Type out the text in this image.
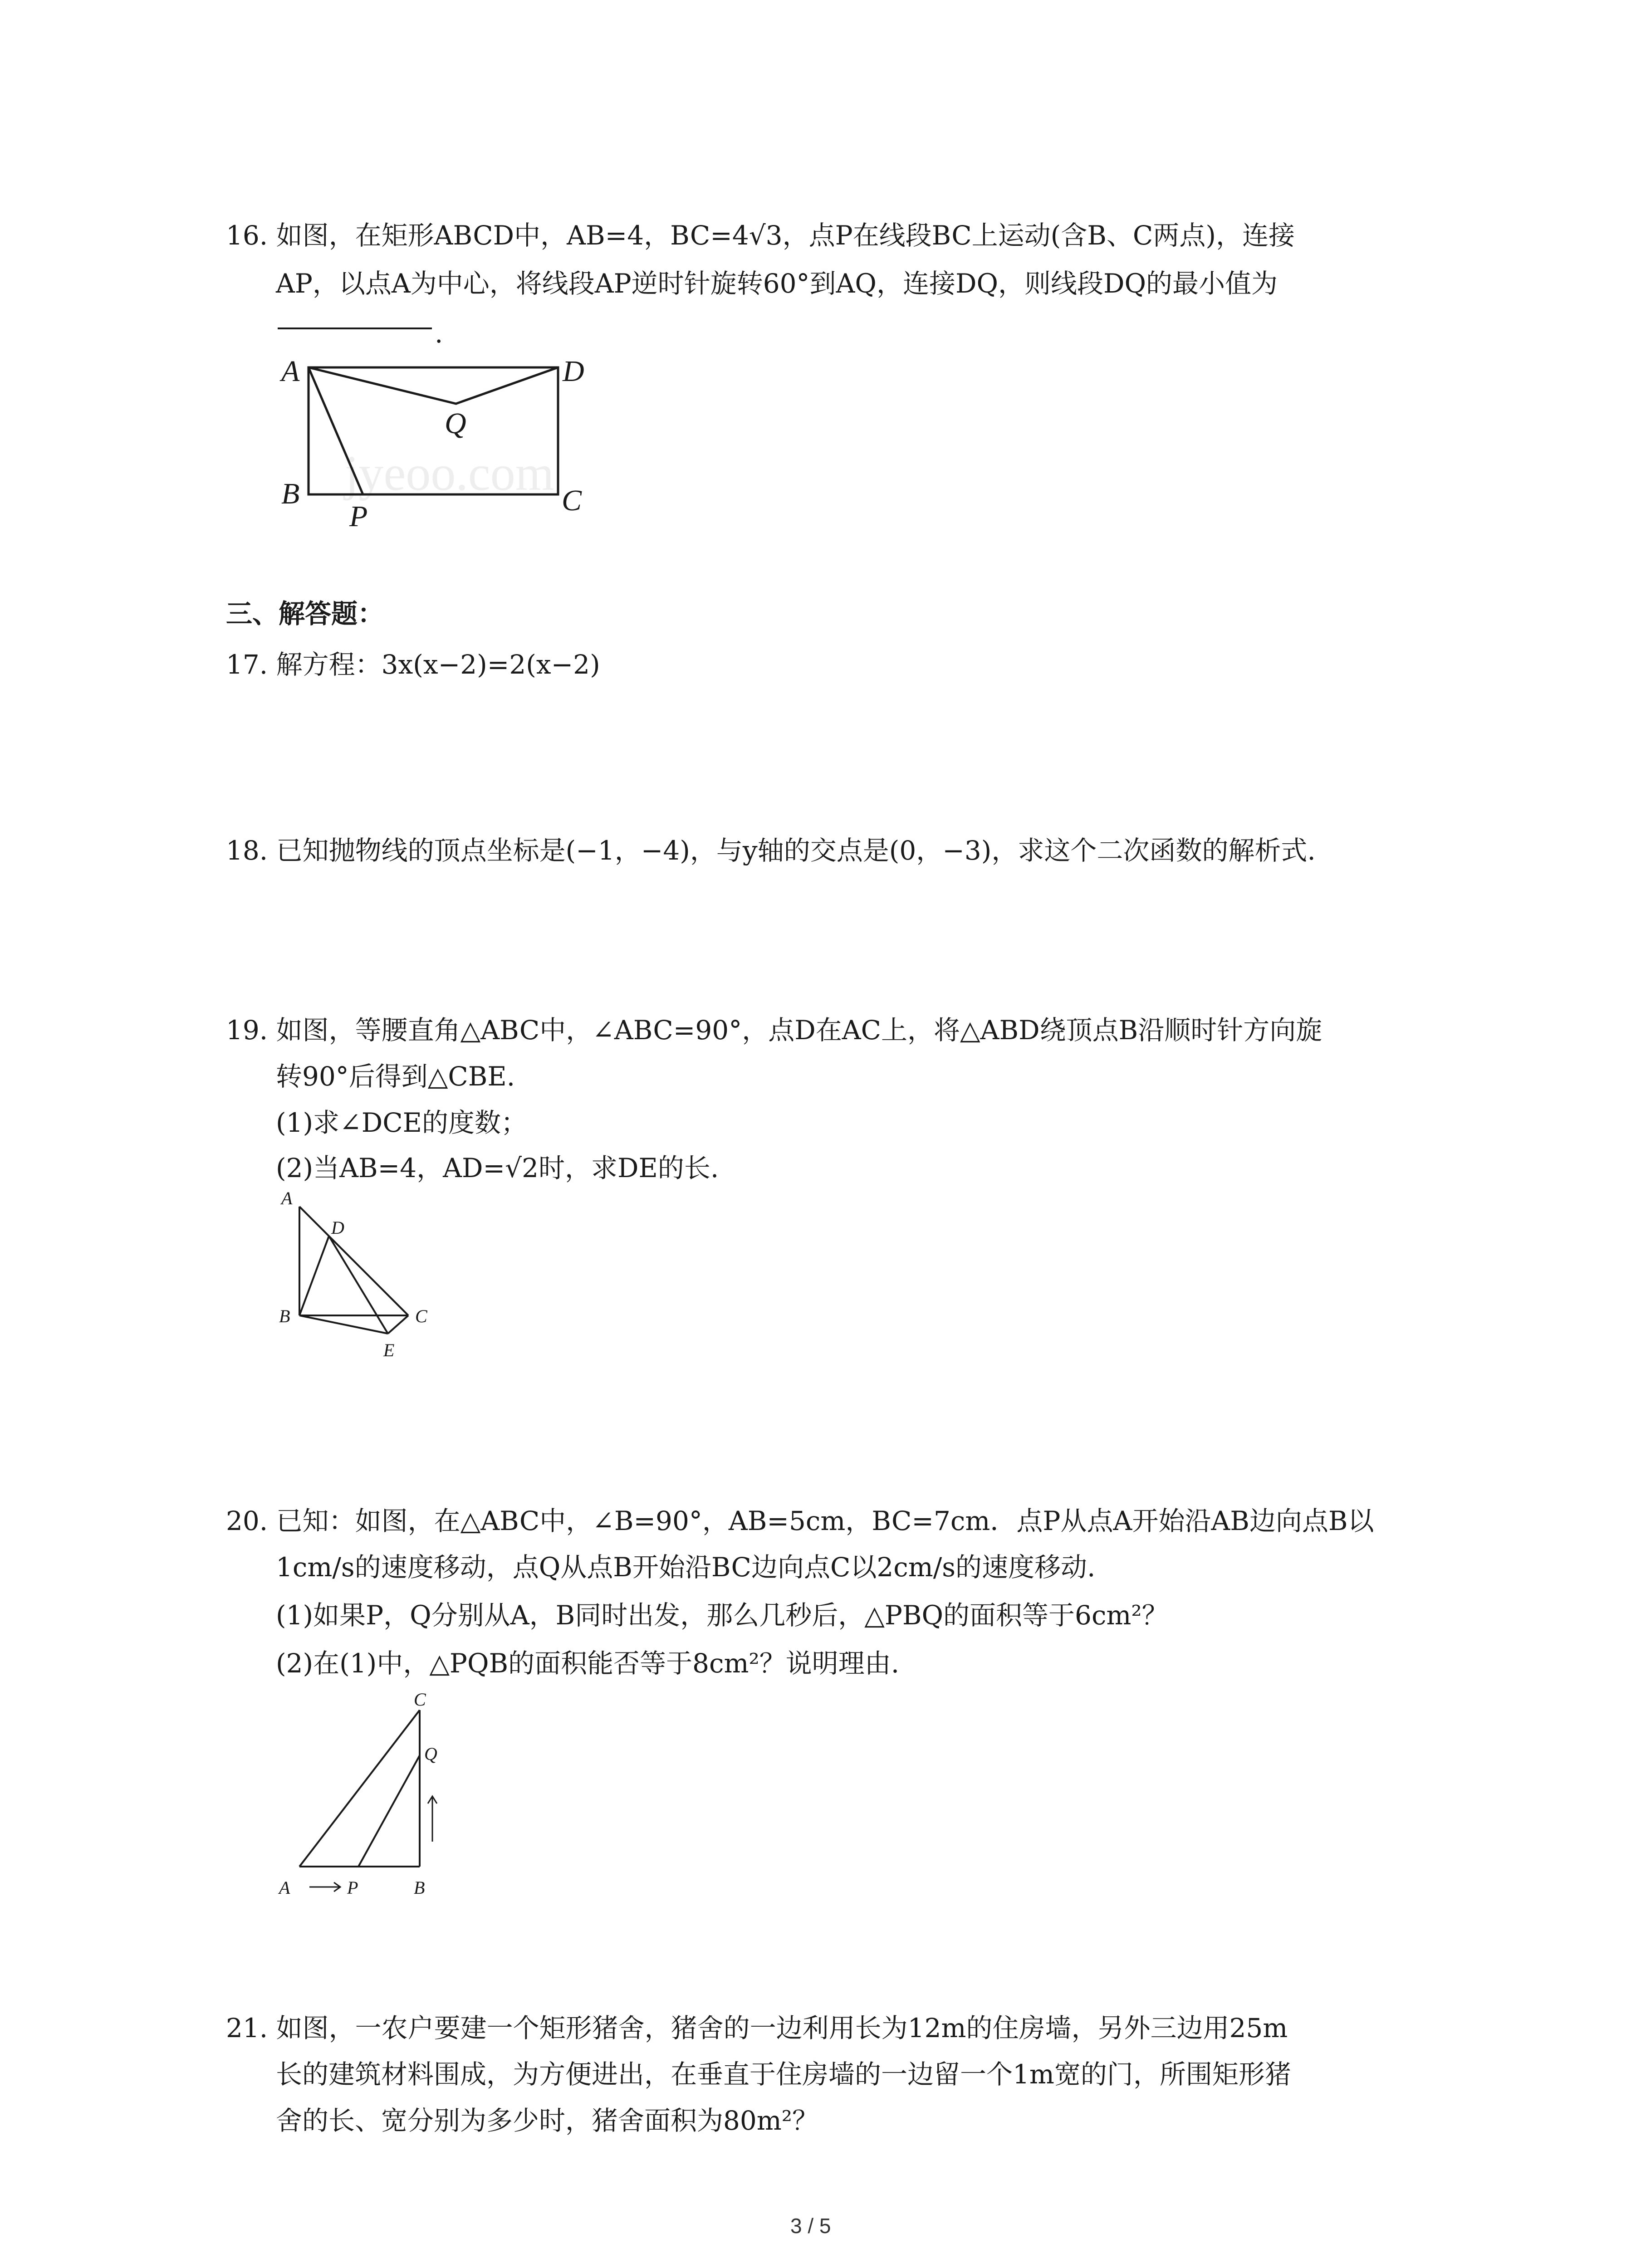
16. 如图，在矩形ABCD中，AB=4，BC=4√3，点P在线段BC上运动(含B、C两点)，连接
AP，以点A为中心，将线段AP逆时针旋转60°到AQ，连接DQ，则线段DQ的最小值为
.
jyeoo.com
A	D
Q
B	C
P
三、解答题：
17. 解方程：3x(x−2)=2(x−2)
18. 已知抛物线的顶点坐标是(−1，−4)，与y轴的交点是(0，−3)，求这个二次函数的解析式.
19. 如图，等腰直角△ABC中，∠ABC=90°，点D在AC上，将△ABD绕顶点B沿顺时针方向旋
转90°后得到△CBE.
(1)求∠DCE的度数；
(2)当AB=4，AD=√2时，求DE的长.
A
D
B	C
E
20. 已知：如图，在△ABC中，∠B=90°，AB=5cm，BC=7cm．点P从点A开始沿AB边向点B以
1cm/s的速度移动，点Q从点B开始沿BC边向点C以2cm/s的速度移动.
(1)如果P，Q分别从A，B同时出发，那么几秒后，△PBQ的面积等于6cm²？
(2)在(1)中，△PQB的面积能否等于8cm²？说明理由.
C
Q
A	P	B
21. 如图，一农户要建一个矩形猪舍，猪舍的一边利用长为12m的住房墙，另外三边用25m
长的建筑材料围成，为方便进出，在垂直于住房墙的一边留一个1m宽的门，所围矩形猪
舍的长、宽分别为多少时，猪舍面积为80m²？
3 / 5
